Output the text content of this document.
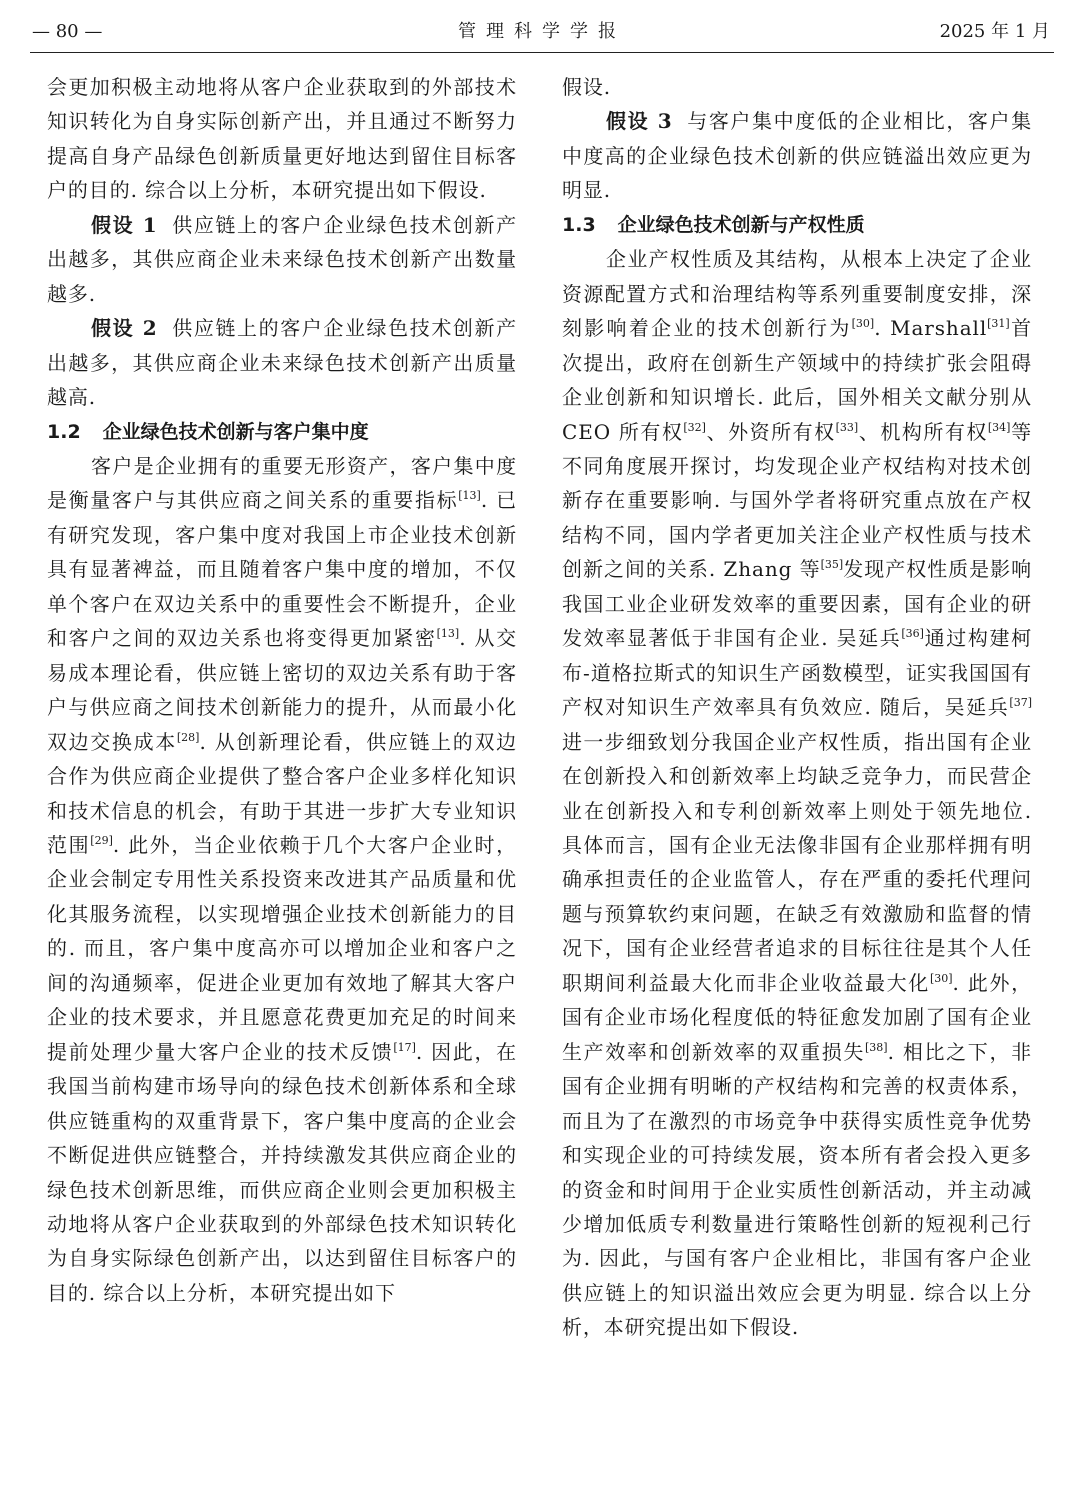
— 80 —	管理科学学报	2025 年 1 月

会更加积极主动地将从客户企业获取到的外部技术知识转化为自身实际创新产出，并且通过不断努力提高自身产品绿色创新质量更好地达到留住目标客户的目的. 综合以上分析，本研究提出如下假设.

假设 1 供应链上的客户企业绿色技术创新产出越多，其供应商企业未来绿色技术创新产出数量越多.

假设 2 供应链上的客户企业绿色技术创新产出越多，其供应商企业未来绿色技术创新产出质量越高.

1.2 企业绿色技术创新与客户集中度

客户是企业拥有的重要无形资产，客户集中度是衡量客户与其供应商之间关系的重要指标[13]. 已有研究发现，客户集中度对我国上市企业技术创新具有显著裨益，而且随着客户集中度的增加，不仅单个客户在双边关系中的重要性会不断提升，企业和客户之间的双边关系也将变得更加紧密[13]. 从交易成本理论看，供应链上密切的双边关系有助于客户与供应商之间技术创新能力的提升，从而最小化双边交换成本[28]. 从创新理论看，供应链上的双边合作为供应商企业提供了整合客户企业多样化知识和技术信息的机会，有助于其进一步扩大专业知识范围[29]. 此外，当企业依赖于几个大客户企业时，企业会制定专用性关系投资来改进其产品质量和优化其服务流程，以实现增强企业技术创新能力的目的. 而且，客户集中度高亦可以增加企业和客户之间的沟通频率，促进企业更加有效地了解其大客户企业的技术要求，并且愿意花费更加充足的时间来提前处理少量大客户企业的技术反馈[17]. 因此，在我国当前构建市场导向的绿色技术创新体系和全球供应链重构的双重背景下，客户集中度高的企业会不断促进供应链整合，并持续激发其供应商企业的绿色技术创新思维，而供应商企业则会更加积极主动地将从客户企业获取到的外部绿色技术知识转化为自身实际绿色创新产出，以达到留住目标客户的目的. 综合以上分析，本研究提出如下

假设.

假设 3 与客户集中度低的企业相比，客户集中度高的企业绿色技术创新的供应链溢出效应更为明显.

1.3 企业绿色技术创新与产权性质

企业产权性质及其结构，从根本上决定了企业资源配置方式和治理结构等系列重要制度安排，深刻影响着企业的技术创新行为[30]. Marshall[31]首次提出，政府在创新生产领域中的持续扩张会阻碍企业创新和知识增长. 此后，国外相关文献分别从 CEO 所有权[32]、外资所有权[33]、机构所有权[34]等不同角度展开探讨，均发现企业产权结构对技术创新存在重要影响. 与国外学者将研究重点放在产权结构不同，国内学者更加关注企业产权性质与技术创新之间的关系. Zhang 等[35]发现产权性质是影响我国工业企业研发效率的重要因素，国有企业的研发效率显著低于非国有企业. 吴延兵[36]通过构建柯布-道格拉斯式的知识生产函数模型，证实我国国有产权对知识生产效率具有负效应. 随后，吴延兵[37]进一步细致划分我国企业产权性质，指出国有企业在创新投入和创新效率上均缺乏竞争力，而民营企业在创新投入和专利创新效率上则处于领先地位. 具体而言，国有企业无法像非国有企业那样拥有明确承担责任的企业监管人，存在严重的委托代理问题与预算软约束问题，在缺乏有效激励和监督的情况下，国有企业经营者追求的目标往往是其个人任职期间利益最大化而非企业收益最大化[30]. 此外，国有企业市场化程度低的特征愈发加剧了国有企业生产效率和创新效率的双重损失[38]. 相比之下，非国有企业拥有明晰的产权结构和完善的权责体系，而且为了在激烈的市场竞争中获得实质性竞争优势和实现企业的可持续发展，资本所有者会投入更多的资金和时间用于企业实质性创新活动，并主动减少增加低质专利数量进行策略性创新的短视利己行为. 因此，与国有客户企业相比，非国有客户企业供应链上的知识溢出效应会更为明显. 综合以上分析，本研究提出如下假设.
